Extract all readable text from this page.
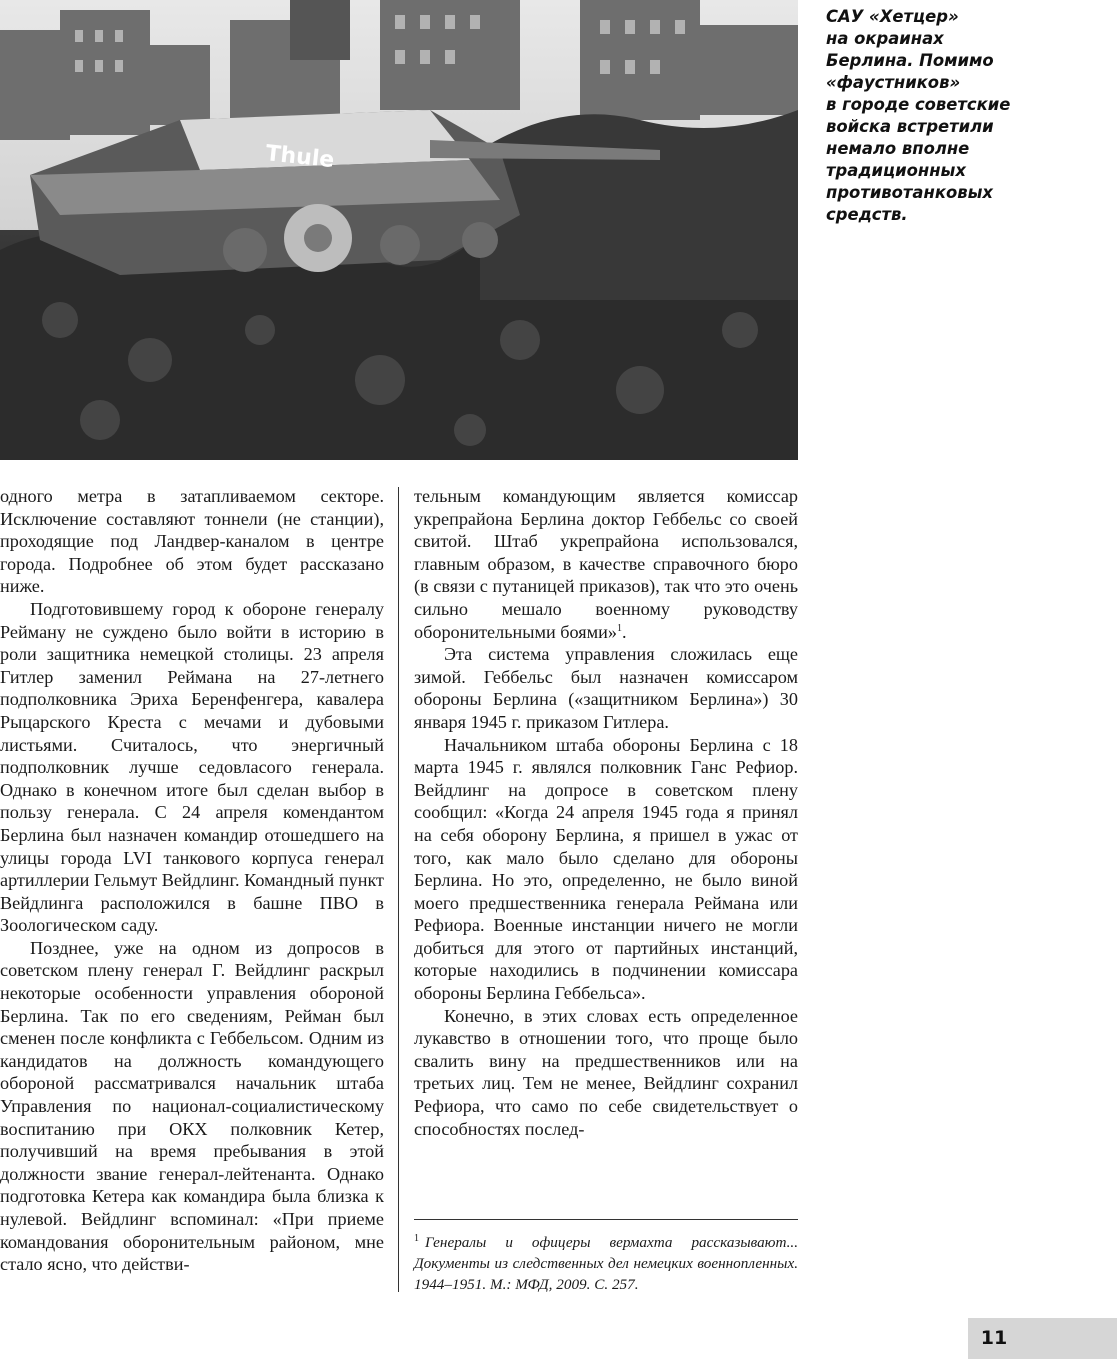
Thule
САУ «Хетцер»
на окраинах
Берлина. Помимо
«фаустников»
в городе советские
войска встретили
немало вполне
традиционных
противотанковых
средств.

одного метра в затапливаемом секторе. Исключение составляют тоннели (не станции), проходящие под Ландвер-каналом в центре города. Подробнее об этом будет рассказано ниже.

Подготовившему город к обороне генералу Рейману не суждено было войти в историю в роли защитника немецкой столицы. 23 апреля Гитлер заменил Реймана на 27-летнего подполковника Эриха Беренфенгера, кавалера Рыцарского Креста с мечами и дубовыми листьями. Считалось, что энергичный подполковник лучше седовласого генерала. Однако в конечном итоге был сделан выбор в пользу генерала. С 24 апреля комендантом Берлина был назначен командир отошедшего на улицы города LVI танкового корпуса генерал артиллерии Гельмут Вейдлинг. Командный пункт Вейдлинга расположился в башне ПВО в Зоологическом саду.

Позднее, уже на одном из допросов в советском плену генерал Г. Вейдлинг раскрыл некоторые особенности управления обороной Берлина. Так по его сведениям, Рейман был сменен после конфликта с Геббельсом. Одним из кандидатов на должность командующего обороной рассматривался начальник штаба Управления по национал-социалистическому воспитанию при ОКХ полковник Кетер, получивший на время пребывания в этой должности звание генерал-лейтенанта. Однако подготовка Кетера как командира была близка к нулевой. Вейдлинг вспоминал: «При приеме командования оборонительным районом, мне стало ясно, что действи-

тельным командующим является комиссар укрепрайона Берлина доктор Геббельс со своей свитой. Штаб укрепрайона использовался, главным образом, в качестве справочного бюро (в связи с путаницей приказов), так что это очень сильно мешало военному руководству оборонительными боями»$^1$.

Эта система управления сложилась еще зимой. Геббельс был назначен комиссаром обороны Берлина («защитником Берлина») 30 января 1945 г. приказом Гитлера.

Начальником штаба обороны Берлина с 18 марта 1945 г. являлся полковник Ганс Рефиор. Вейдлинг на допросе в советском плену сообщил: «Когда 24 апреля 1945 года я принял на себя оборону Берлина, я пришел в ужас от того, как мало было сделано для обороны Берлина. Но это, определенно, не было виной моего предшественника генерала Реймана или Рефиора. Военные инстанции ничего не могли добиться для этого от партийных инстанций, которые находились в подчинении комиссара обороны Берлина Геббельса».

Конечно, в этих словах есть определенное лукавство в отношении того, что проще было свалить вину на предшественников или на третьих лиц. Тем не менее, Вейдлинг сохранил Рефиора, что само по себе свидетельствует о способностях послед-

$^1$ Генералы и офицеры вермахта рассказывают... Документы из следственных дел немецких военнопленных. 1944–1951. М.: МФД, 2009. С. 257.
11
